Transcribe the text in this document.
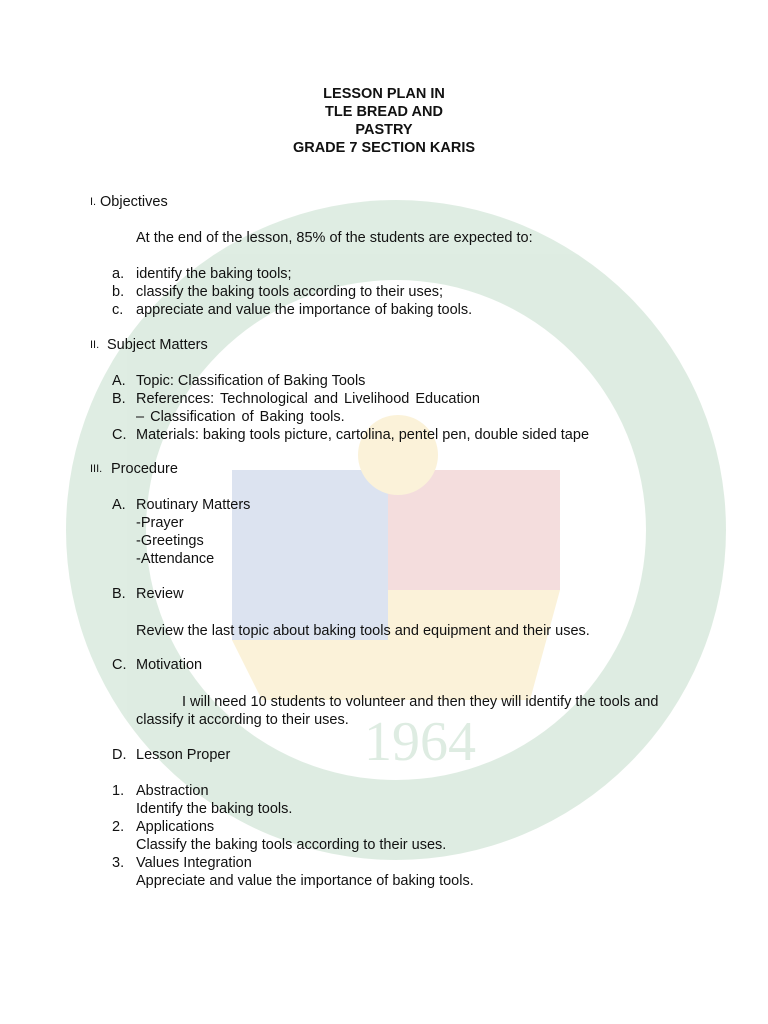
1964
LESSON PLAN IN
TLE BREAD AND
PASTRY
GRADE 7 SECTION KARIS
I. Objectives
At the end of the lesson, 85% of the students are expected to:
a. identify the baking tools;
b. classify the baking tools according to their uses;
c. appreciate and value the importance of baking tools.
II. Subject Matters
A. Topic: Classification of Baking Tools
B. References: Technological and Livelihood Education
– Classification of Baking tools.
C. Materials: baking tools picture, cartolina, pentel pen, double sided tape
III. Procedure
A. Routinary Matters
-Prayer
-Greetings
-Attendance
B. Review
Review the last topic about baking tools and equipment and their uses.
C. Motivation
I will need 10 students to volunteer and then they will identify the tools and
classify it according to their uses.
D. Lesson Proper
1. Abstraction
Identify the baking tools.
2. Applications
Classify the baking tools according to their uses.
3. Values Integration
Appreciate and value the importance of baking tools.
